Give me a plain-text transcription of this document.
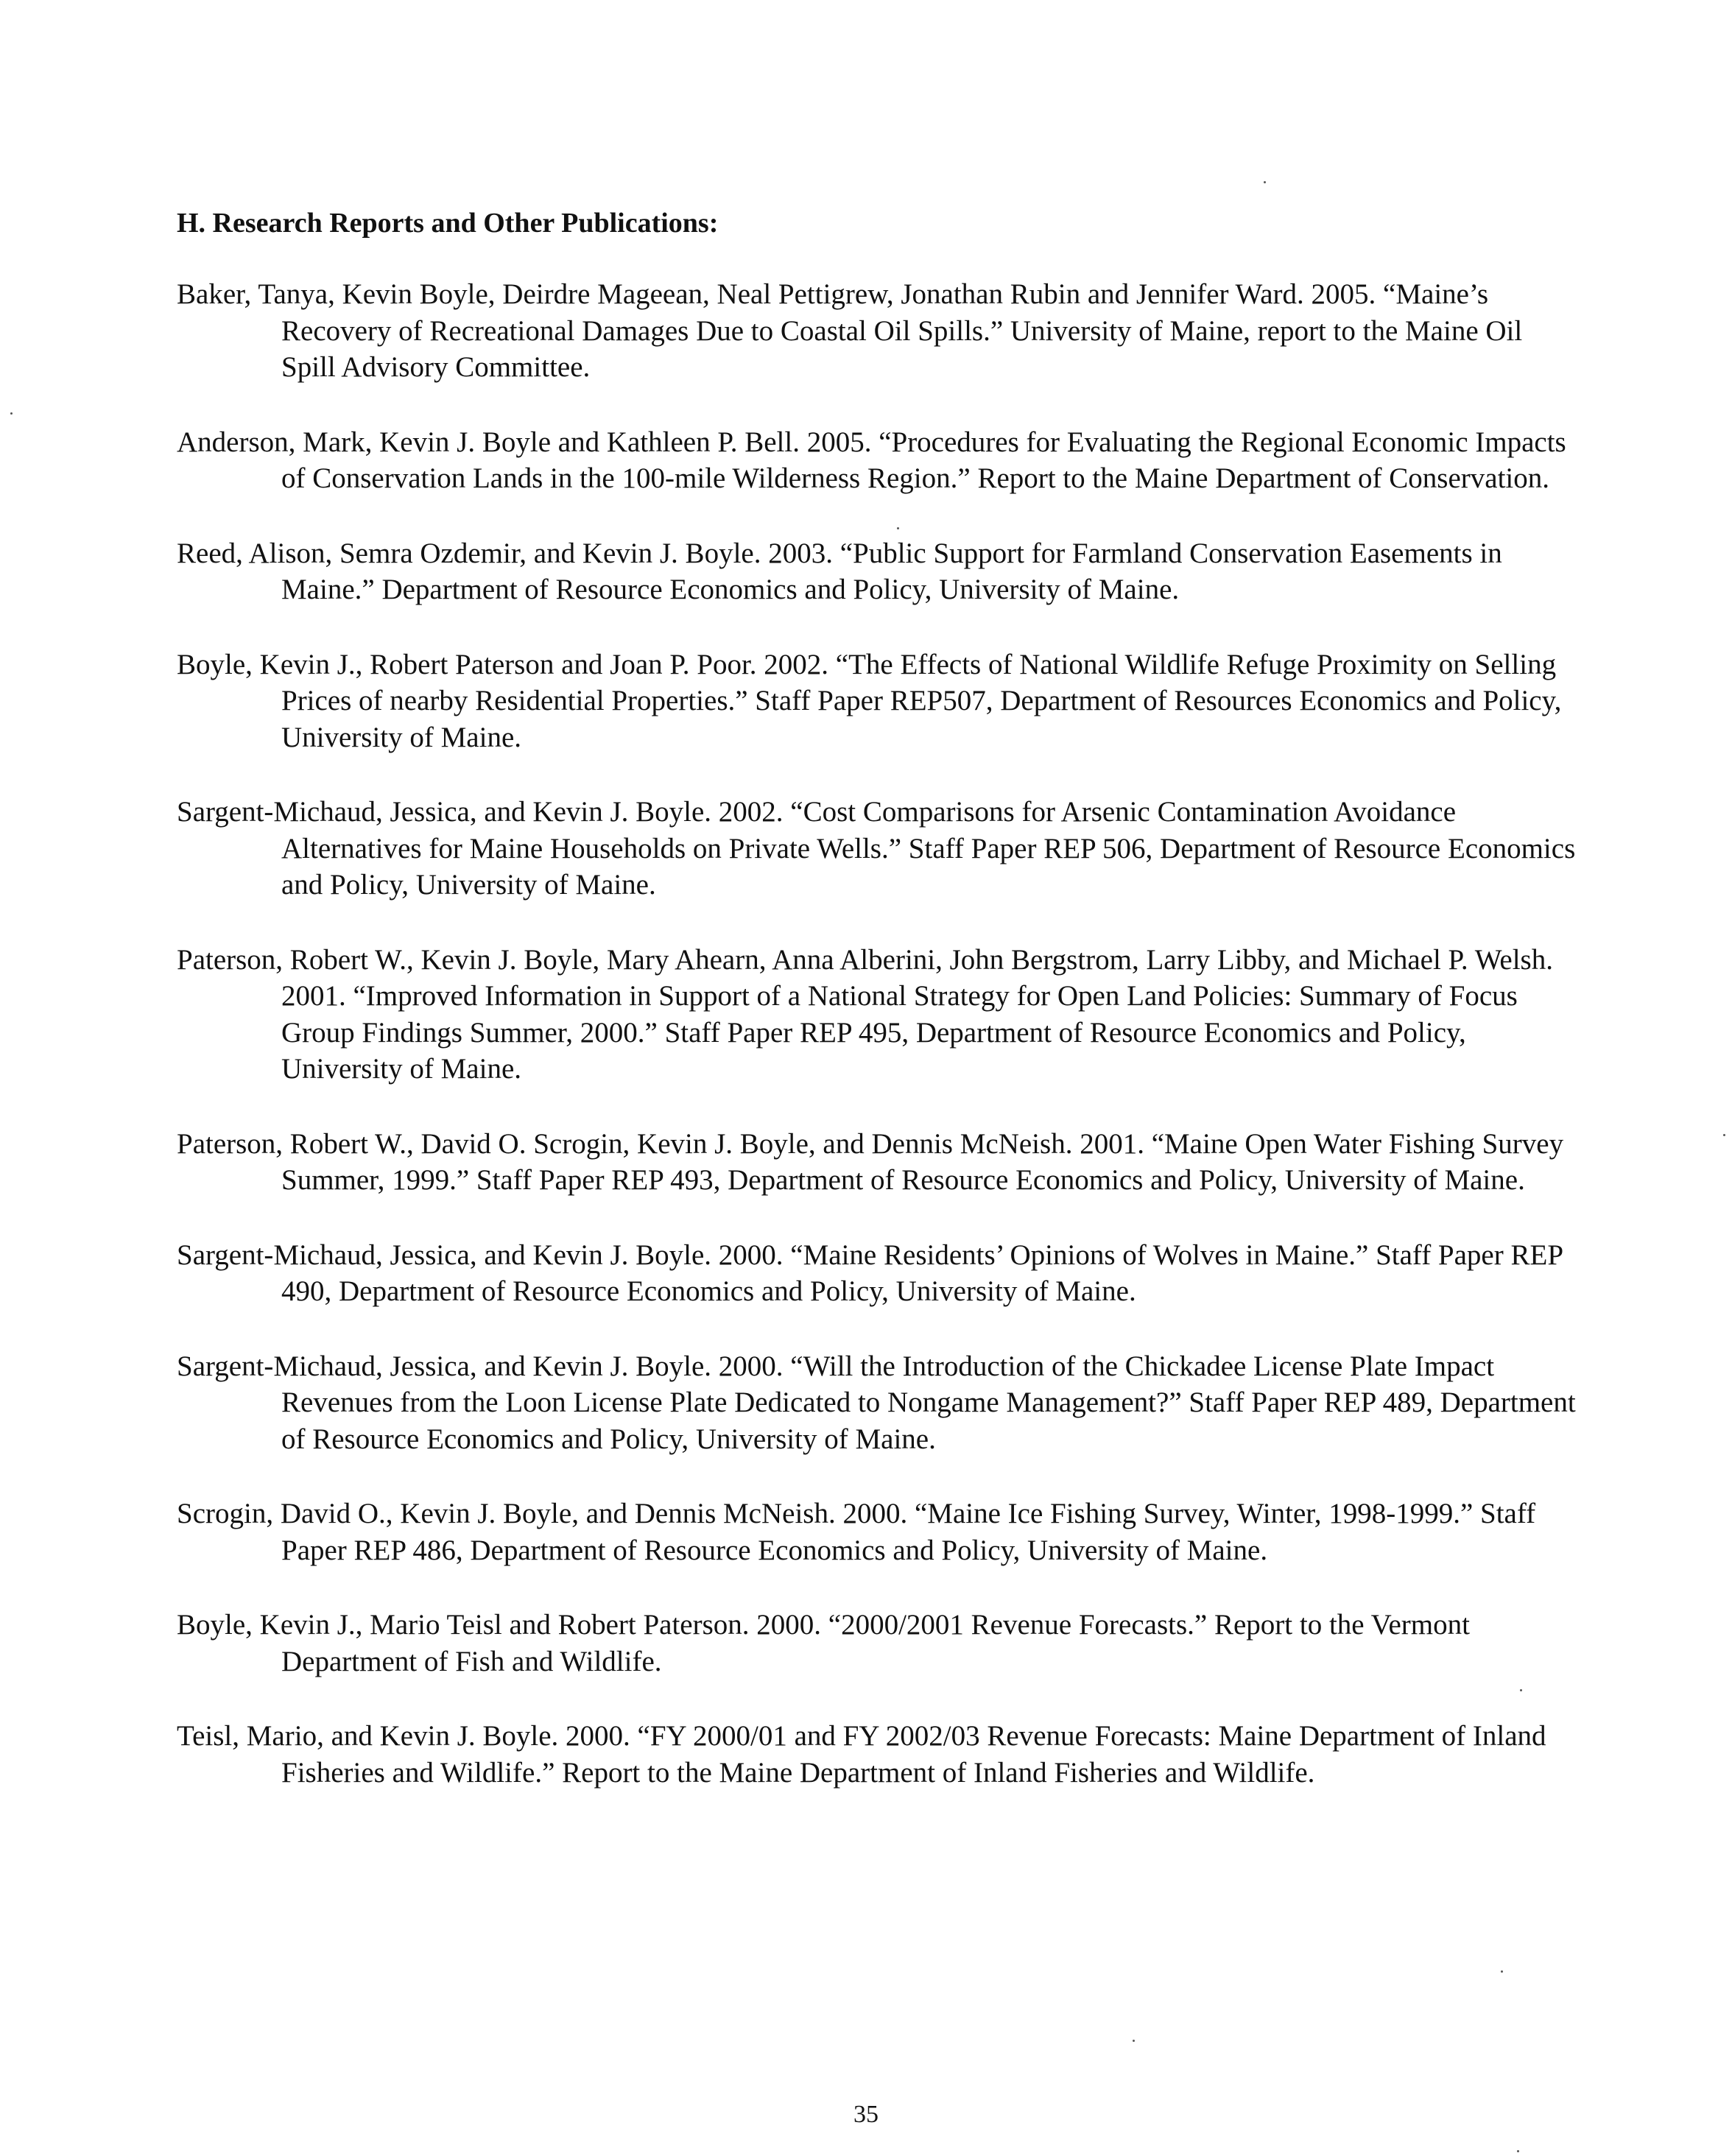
H. Research Reports and Other Publications:
Baker, Tanya, Kevin Boyle, Deirdre Mageean, Neal Pettigrew, Jonathan Rubin and Jennifer Ward. 2005. “Maine’s Recovery of Recreational Damages Due to Coastal Oil Spills.” University of Maine, report to the Maine Oil Spill Advisory Committee.
Anderson, Mark, Kevin J. Boyle and Kathleen P. Bell. 2005. “Procedures for Evaluating the Regional Economic Impacts of Conservation Lands in the 100-mile Wilderness Region.” Report to the Maine Department of Conservation.
Reed, Alison, Semra Ozdemir, and Kevin J. Boyle. 2003. “Public Support for Farmland Conservation Easements in Maine.” Department of Resource Economics and Policy, University of Maine.
Boyle, Kevin J., Robert Paterson and Joan P. Poor. 2002. “The Effects of National Wildlife Refuge Proximity on Selling Prices of nearby Residential Properties.” Staff Paper REP507, Department of Resources Economics and Policy, University of Maine.
Sargent-Michaud, Jessica, and Kevin J. Boyle. 2002. “Cost Comparisons for Arsenic Contamination Avoidance Alternatives for Maine Households on Private Wells.” Staff Paper REP 506, Department of Resource Economics and Policy, University of Maine.
Paterson, Robert W., Kevin J. Boyle, Mary Ahearn, Anna Alberini, John Bergstrom, Larry Libby, and Michael P. Welsh. 2001. “Improved Information in Support of a National Strategy for Open Land Policies: Summary of Focus Group Findings Summer, 2000.” Staff Paper REP 495, Department of Resource Economics and Policy, University of Maine.
Paterson, Robert W., David O. Scrogin, Kevin J. Boyle, and Dennis McNeish. 2001. “Maine Open Water Fishing Survey Summer, 1999.” Staff Paper REP 493, Department of Resource Economics and Policy, University of Maine.
Sargent-Michaud, Jessica, and Kevin J. Boyle. 2000. “Maine Residents’ Opinions of Wolves in Maine.” Staff Paper REP 490, Department of Resource Economics and Policy, University of Maine.
Sargent-Michaud, Jessica, and Kevin J. Boyle. 2000. “Will the Introduction of the Chickadee License Plate Impact Revenues from the Loon License Plate Dedicated to Nongame Management?” Staff Paper REP 489, Department of Resource Economics and Policy, University of Maine.
Scrogin, David O., Kevin J. Boyle, and Dennis McNeish. 2000. “Maine Ice Fishing Survey, Winter, 1998-1999.” Staff Paper REP 486, Department of Resource Economics and Policy, University of Maine.
Boyle, Kevin J., Mario Teisl and Robert Paterson. 2000. “2000/2001 Revenue Forecasts.” Report to the Vermont Department of Fish and Wildlife.
Teisl, Mario, and Kevin J. Boyle. 2000. “FY 2000/01 and FY 2002/03 Revenue Forecasts: Maine Department of Inland Fisheries and Wildlife.” Report to the Maine Department of Inland Fisheries and Wildlife.
35
